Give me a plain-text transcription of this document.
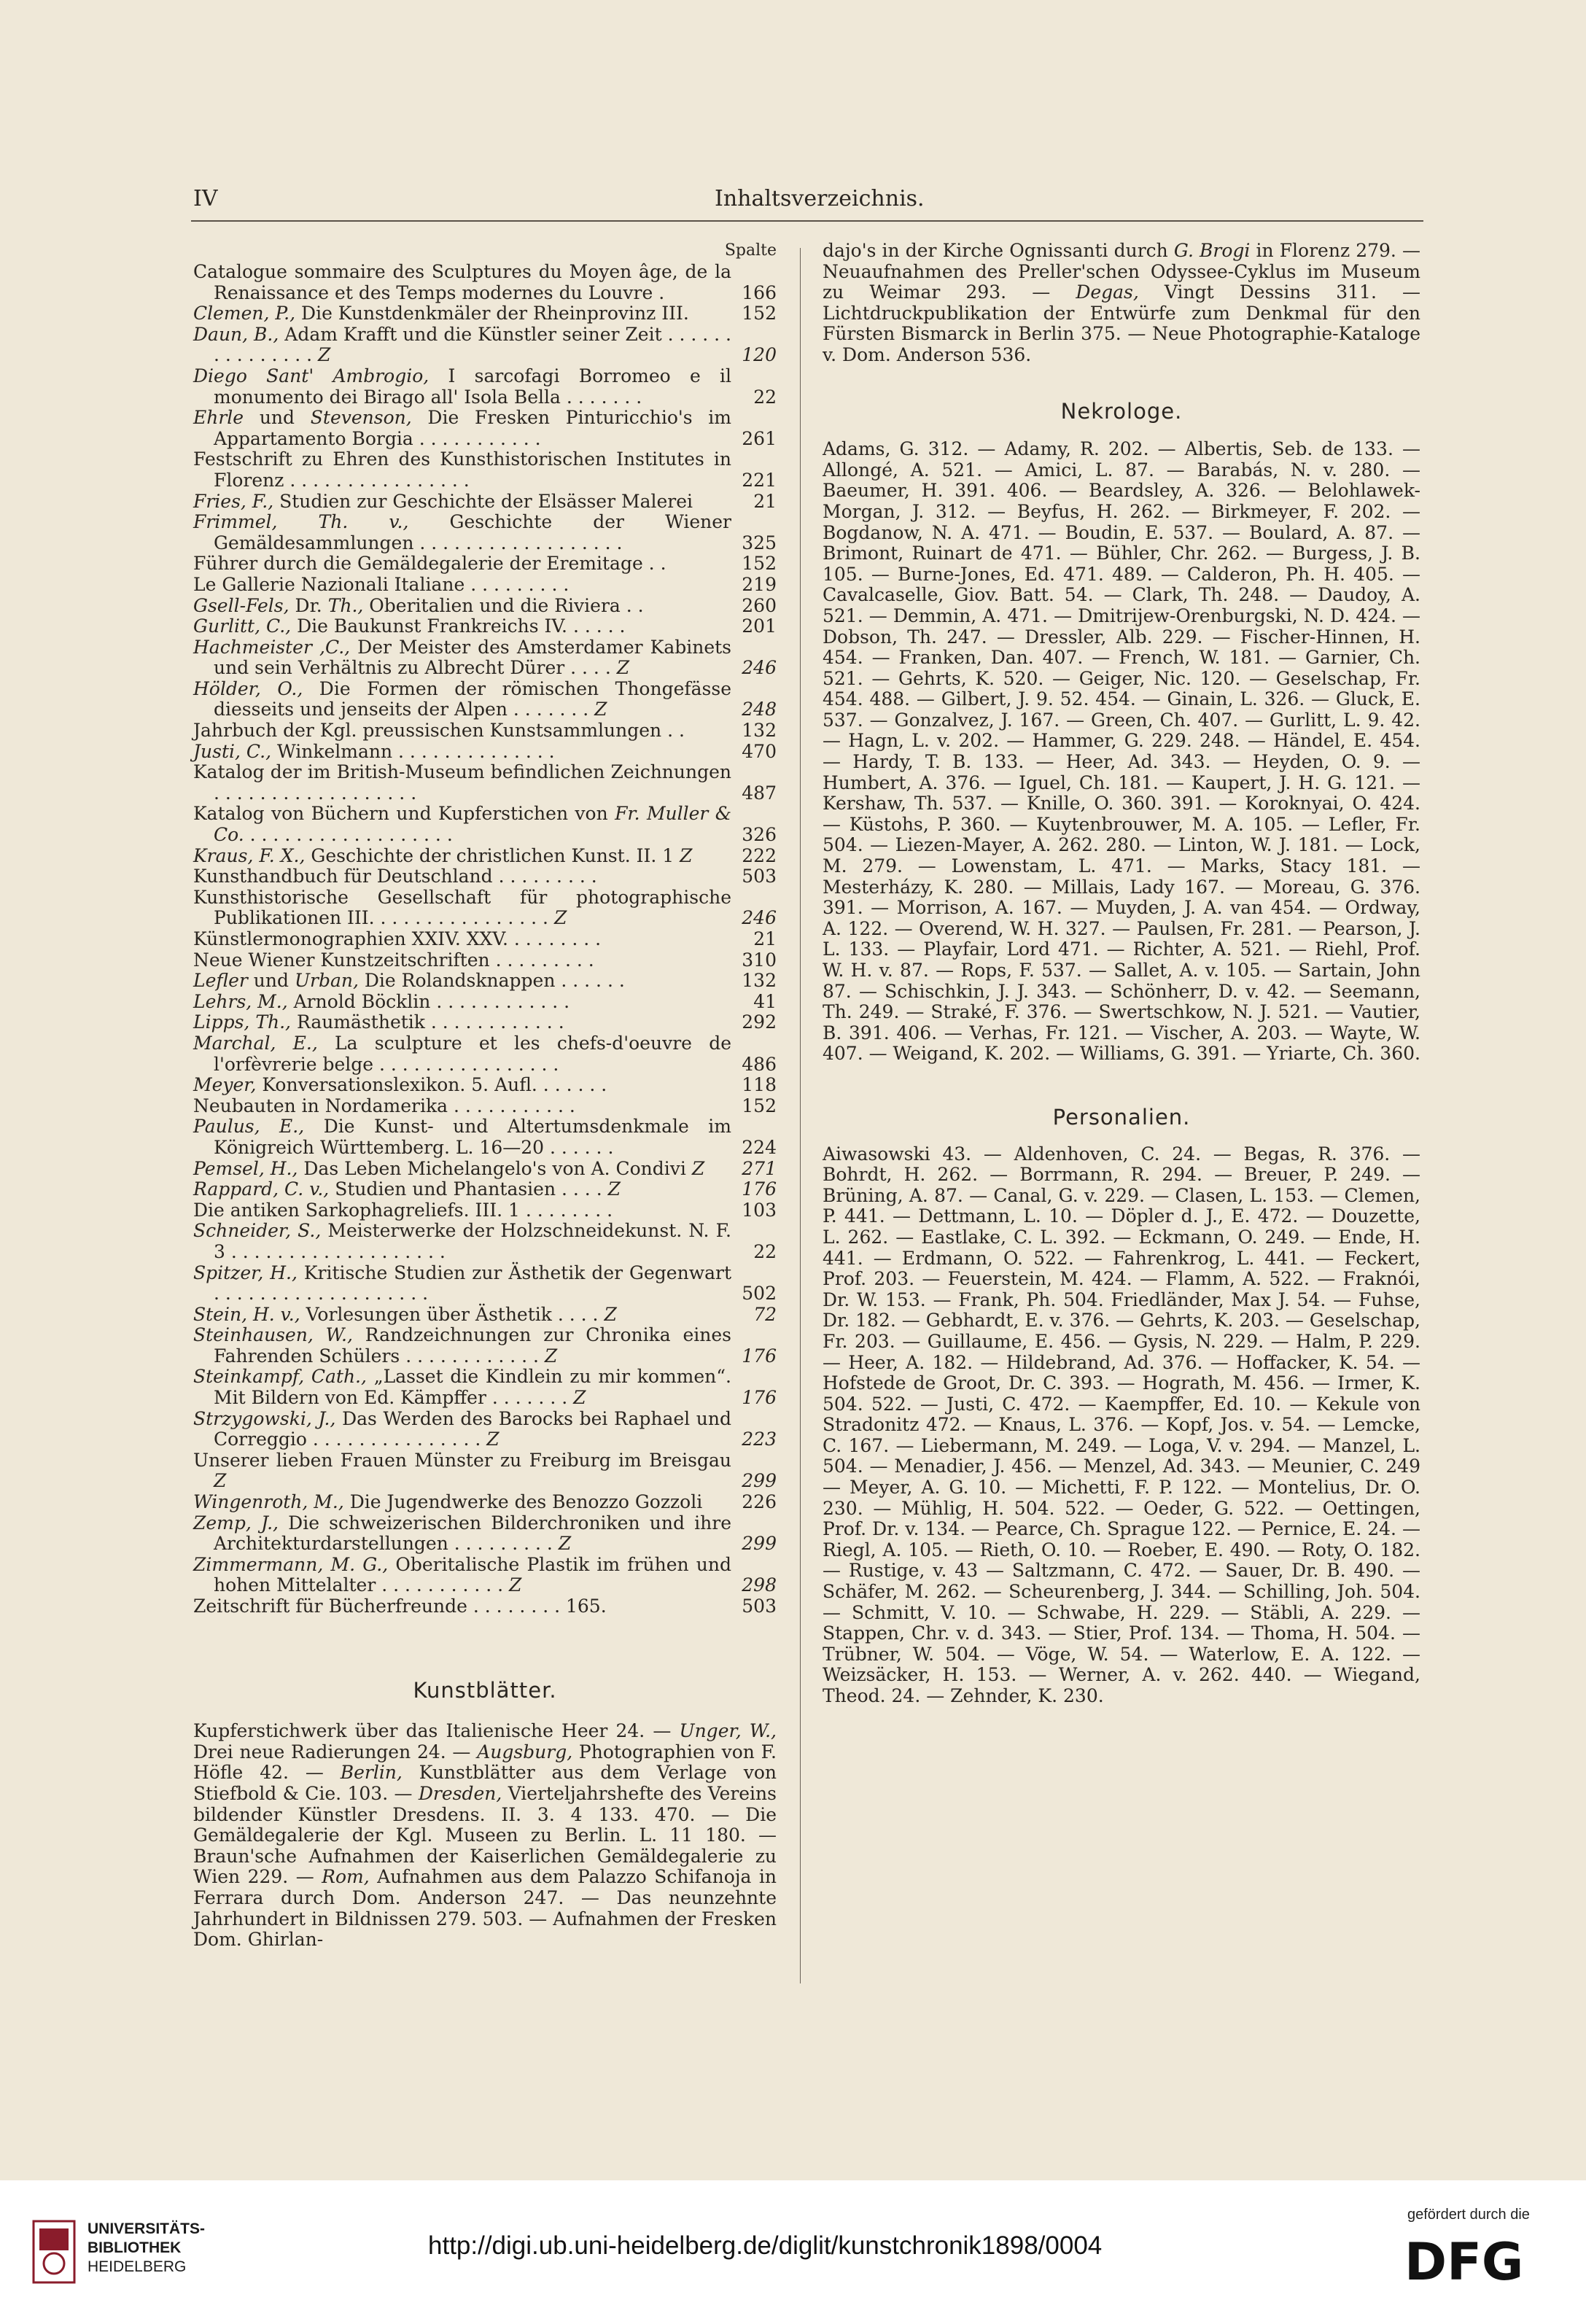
IV	Inhaltsverzeichnis.
Spalte
Catalogue sommaire des Sculptures du Moyen âge, de la Renaissance et des Temps modernes du Louvre .	166
Clemen, P., Die Kunstdenkmäler der Rheinprovinz III.	152
Daun, B., Adam Krafft und die Künstler seiner Zeit . . . . . . . . . . . . . . . Z	120
Diego Sant' Ambrogio, I sarcofagi Borromeo e il monumento dei Birago all' Isola Bella . . . . . . .	22
Ehrle und Stevenson, Die Fresken Pinturicchio's im Appartamento Borgia . . . . . . . . . . .	261
Festschrift zu Ehren des Kunsthistorischen Institutes in Florenz . . . . . . . . . . . . . . . .	221
Fries, F., Studien zur Geschichte der Elsässer Malerei	21
Frimmel, Th. v., Geschichte der Wiener Gemäldesammlungen . . . . . . . . . . . . . . . . . .	325
Führer durch die Gemäldegalerie der Eremitage . .	152
Le Gallerie Nazionali Italiane . . . . . . . . .	219
Gsell-Fels, Dr. Th., Oberitalien und die Riviera . .	260
Gurlitt, C., Die Baukunst Frankreichs IV. . . . . .	201
Hachmeister ,C., Der Meister des Amsterdamer Kabinets und sein Verhältnis zu Albrecht Dürer . . . . Z	246
Hölder, O., Die Formen der römischen Thongefässe diesseits und jenseits der Alpen . . . . . . . Z	248
Jahrbuch der Kgl. preussischen Kunstsammlungen . .	132
Justi, C., Winkelmann . . . . . . . . . . . . . .	470
Katalog der im British-Museum befindlichen Zeichnungen . . . . . . . . . . . . . . . . . .	487
Katalog von Büchern und Kupferstichen von Fr. Muller & Co. . . . . . . . . . . . . . . . . . .	326
Kraus, F. X., Geschichte der christlichen Kunst. II. 1 Z	222
Kunsthandbuch für Deutschland . . . . . . . . .	503
Kunsthistorische Gesellschaft für photographische Publikationen III. . . . . . . . . . . . . . . . Z	246
Künstlermonographien XXIV. XXV. . . . . . . . .	21
Neue Wiener Kunstzeitschriften . . . . . . . . .	310
Lefler und Urban, Die Rolandsknappen . . . . . .	132
Lehrs, M., Arnold Böcklin . . . . . . . . . . . .	41
Lipps, Th., Raumästhetik . . . . . . . . . . . .	292
Marchal, E., La sculpture et les chefs-d'oeuvre de l'orfèvrerie belge . . . . . . . . . . . . . . . .	486
Meyer, Konversationslexikon. 5. Aufl. . . . . . .	118
Neubauten in Nordamerika . . . . . . . . . . .	152
Paulus, E., Die Kunst- und Altertumsdenkmale im Königreich Württemberg. L. 16—20 . . . . . .	224
Pemsel, H., Das Leben Michelangelo's von A. Condivi Z	271
Rappard, C. v., Studien und Phantasien . . . . Z	176
Die antiken Sarkophagreliefs. III. 1 . . . . . . . .	103
Schneider, S., Meisterwerke der Holzschneidekunst. N. F. 3 . . . . . . . . . . . . . . . . . . .	22
Spitzer, H., Kritische Studien zur Ästhetik der Gegenwart . . . . . . . . . . . . . . . . . . .	502
Stein, H. v., Vorlesungen über Ästhetik . . . . Z	72
Steinhausen, W., Randzeichnungen zur Chronika eines Fahrenden Schülers . . . . . . . . . . . . Z	176
Steinkampf, Cath., „Lasset die Kindlein zu mir kommen“. Mit Bildern von Ed. Kämpffer . . . . . . . Z	176
Strzygowski, J., Das Werden des Barocks bei Raphael und Correggio . . . . . . . . . . . . . . . Z	223
Unserer lieben Frauen Münster zu Freiburg im Breisgau Z	299
Wingenroth, M., Die Jugendwerke des Benozzo Gozzoli	226
Zemp, J., Die schweizerischen Bilderchroniken und ihre Architekturdarstellungen . . . . . . . . . Z	299
Zimmermann, M. G., Oberitalische Plastik im frühen und hohen Mittelalter . . . . . . . . . . . Z	298
Zeitschrift für Bücherfreunde . . . . . . . . 165.	503
Kunstblätter.
Kupferstichwerk über das Italienische Heer 24. — Unger, W., Drei neue Radierungen 24. — Augsburg, Photographien von F. Höfle 42. — Berlin, Kunstblätter aus dem Verlage von Stiefbold & Cie. 103. — Dresden, Vierteljahrshefte des Vereins bildender Künstler Dresdens. II. 3. 4 133. 470. — Die Gemäldegalerie der Kgl. Museen zu Berlin. L. 11 180. — Braun'sche Aufnahmen der Kaiserlichen Gemäldegalerie zu Wien 229. — Rom, Aufnahmen aus dem Palazzo Schifanoja in Ferrara durch Dom. Anderson 247. — Das neunzehnte Jahrhundert in Bildnissen 279. 503. — Aufnahmen der Fresken Dom. Ghirlan-
dajo's in der Kirche Ognissanti durch G. Brogi in Florenz 279. — Neuaufnahmen des Preller'schen Odyssee-Cyklus im Museum zu Weimar 293. — Degas, Vingt Dessins 311. — Lichtdruckpublikation der Entwürfe zum Denkmal für den Fürsten Bismarck in Berlin 375. — Neue Photographie-Kataloge v. Dom. Anderson 536.
Nekrologe.
Adams, G. 312. — Adamy, R. 202. — Albertis, Seb. de 133. — Allongé, A. 521. — Amici, L. 87. — Barabás, N. v. 280. — Baeumer, H. 391. 406. — Beardsley, A. 326. — Belohlawek-Morgan, J. 312. — Beyfus, H. 262. — Birkmeyer, F. 202. — Bogdanow, N. A. 471. — Boudin, E. 537. — Boulard, A. 87. — Brimont, Ruinart de 471. — Bühler, Chr. 262. — Burgess, J. B. 105. — Burne-Jones, Ed. 471. 489. — Calderon, Ph. H. 405. — Cavalcaselle, Giov. Batt. 54. — Clark, Th. 248. — Daudoy, A. 521. — Demmin, A. 471. — Dmitrijew-Orenburgski, N. D. 424. — Dobson, Th. 247. — Dressler, Alb. 229. — Fischer-Hinnen, H. 454. — Franken, Dan. 407. — French, W. 181. — Garnier, Ch. 521. — Gehrts, K. 520. — Geiger, Nic. 120. — Geselschap, Fr. 454. 488. — Gilbert, J. 9. 52. 454. — Ginain, L. 326. — Gluck, E. 537. — Gonzalvez, J. 167. — Green, Ch. 407. — Gurlitt, L. 9. 42. — Hagn, L. v. 202. — Hammer, G. 229. 248. — Händel, E. 454. — Hardy, T. B. 133. — Heer, Ad. 343. — Heyden, O. 9. — Humbert, A. 376. — Iguel, Ch. 181. — Kaupert, J. H. G. 121. — Kershaw, Th. 537. — Knille, O. 360. 391. — Koroknyai, O. 424. — Küstohs, P. 360. — Kuytenbrouwer, M. A. 105. — Lefler, Fr. 504. — Liezen-Mayer, A. 262. 280. — Linton, W. J. 181. — Lock, M. 279. — Lowenstam, L. 471. — Marks, Stacy 181. — Mesterházy, K. 280. — Millais, Lady 167. — Moreau, G. 376. 391. — Morrison, A. 167. — Muyden, J. A. van 454. — Ordway, A. 122. — Overend, W. H. 327. — Paulsen, Fr. 281. — Pearson, J. L. 133. — Playfair, Lord 471. — Richter, A. 521. — Riehl, Prof. W. H. v. 87. — Rops, F. 537. — Sallet, A. v. 105. — Sartain, John 87. — Schischkin, J. J. 343. — Schönherr, D. v. 42. — Seemann, Th. 249. — Straké, F. 376. — Swertschkow, N. J. 521. — Vautier, B. 391. 406. — Verhas, Fr. 121. — Vischer, A. 203. — Wayte, W. 407. — Weigand, K. 202. — Williams, G. 391. — Yriarte, Ch. 360.
Personalien.
Aiwasowski 43. — Aldenhoven, C. 24. — Begas, R. 376. — Bohrdt, H. 262. — Borrmann, R. 294. — Breuer, P. 249. — Brüning, A. 87. — Canal, G. v. 229. — Clasen, L. 153. — Clemen, P. 441. — Dettmann, L. 10. — Döpler d. J., E. 472. — Douzette, L. 262. — Eastlake, C. L. 392. — Eckmann, O. 249. — Ende, H. 441. — Erdmann, O. 522. — Fahrenkrog, L. 441. — Feckert, Prof. 203. — Feuerstein, M. 424. — Flamm, A. 522. — Fraknói, Dr. W. 153. — Frank, Ph. 504. Friedländer, Max J. 54. — Fuhse, Dr. 182. — Gebhardt, E. v. 376. — Gehrts, K. 203. — Geselschap, Fr. 203. — Guillaume, E. 456. — Gysis, N. 229. — Halm, P. 229. — Heer, A. 182. — Hildebrand, Ad. 376. — Hoffacker, K. 54. — Hofstede de Groot, Dr. C. 393. — Hograth, M. 456. — Irmer, K. 504. 522. — Justi, C. 472. — Kaempffer, Ed. 10. — Kekule von Stradonitz 472. — Knaus, L. 376. — Kopf, Jos. v. 54. — Lemcke, C. 167. — Liebermann, M. 249. — Loga, V. v. 294. — Manzel, L. 504. — Menadier, J. 456. — Menzel, Ad. 343. — Meunier, C. 249 — Meyer, A. G. 10. — Michetti, F. P. 122. — Montelius, Dr. O. 230. — Mühlig, H. 504. 522. — Oeder, G. 522. — Oettingen, Prof. Dr. v. 134. — Pearce, Ch. Sprague 122. — Pernice, E. 24. — Riegl, A. 105. — Rieth, O. 10. — Roeber, E. 490. — Roty, O. 182. — Rustige, v. 43 — Saltzmann, C. 472. — Sauer, Dr. B. 490. — Schäfer, M. 262. — Scheurenberg, J. 344. — Schilling, Joh. 504. — Schmitt, V. 10. — Schwabe, H. 229. — Stäbli, A. 229. — Stappen, Chr. v. d. 343. — Stier, Prof. 134. — Thoma, H. 504. — Trübner, W. 504. — Vöge, W. 54. — Waterlow, E. A. 122. — Weizsäcker, H. 153. — Werner, A. v. 262. 440. — Wiegand, Theod. 24. — Zehnder, K. 230.
UNIVERSITÄTS-
BIBLIOTHEK
HEIDELBERG
http://digi.ub.uni-heidelberg.de/diglit/kunstchronik1898/0004
gefördert durch die
DFG
